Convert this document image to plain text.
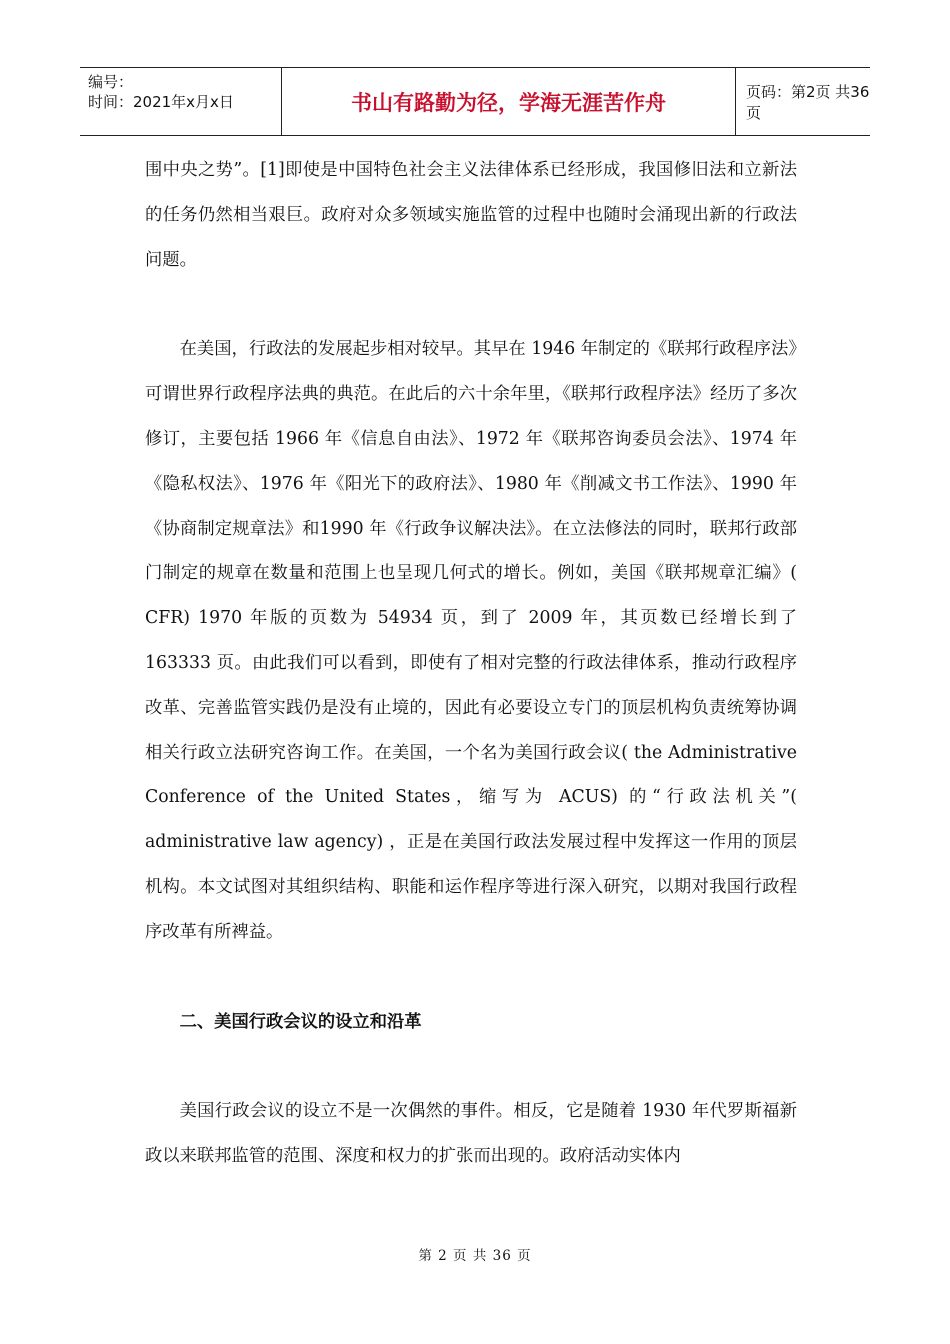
编号：
时间：2021年x月x日	书山有路勤为径，学海无涯苦作舟	页码：第2页 共36页

围中央之势”。[1]即使是中国特色社会主义法律体系已经形成，我国修旧法和立新法的任务仍然相当艰巨。政府对众多领域实施监管的过程中也随时会涌现出新的行政法问题。

在美国，行政法的发展起步相对较早。其早在 1946 年制定的《联邦行政程序法》可谓世界行政程序法典的典范。在此后的六十余年里，《联邦行政程序法》经历了多次修订，主要包括 1966 年《信息自由法》、1972 年《联邦咨询委员会法》、1974 年《隐私权法》、1976 年《阳光下的政府法》、1980 年《削减文书工作法》、1990 年《协商制定规章法》和1990 年《行政争议解决法》。在立法修法的同时，联邦行政部门制定的规章在数量和范围上也呈现几何式的增长。例如，美国《联邦规章汇编》( CFR) 1970 年版的页数为 54934 页，到了 2009 年，其页数已经增长到了 163333 页。由此我们可以看到，即使有了相对完整的行政法律体系，推动行政程序改革、完善监管实践仍是没有止境的，因此有必要设立专门的顶层机构负责统筹协调相关行政立法研究咨询工作。在美国，一个名为美国行政会议( the Administrative Conference of the United States，缩写为 ACUS) 的“行政法机关”( administrative law agency) ，正是在美国行政法发展过程中发挥这一作用的顶层机构。本文试图对其组织结构、职能和运作程序等进行深入研究，以期对我国行政程序改革有所裨益。

二、美国行政会议的设立和沿革

美国行政会议的设立不是一次偶然的事件。相反，它是随着 1930 年代罗斯福新政以来联邦监管的范围、深度和权力的扩张而出现的。政府活动实体内

第 2 页 共 36 页
